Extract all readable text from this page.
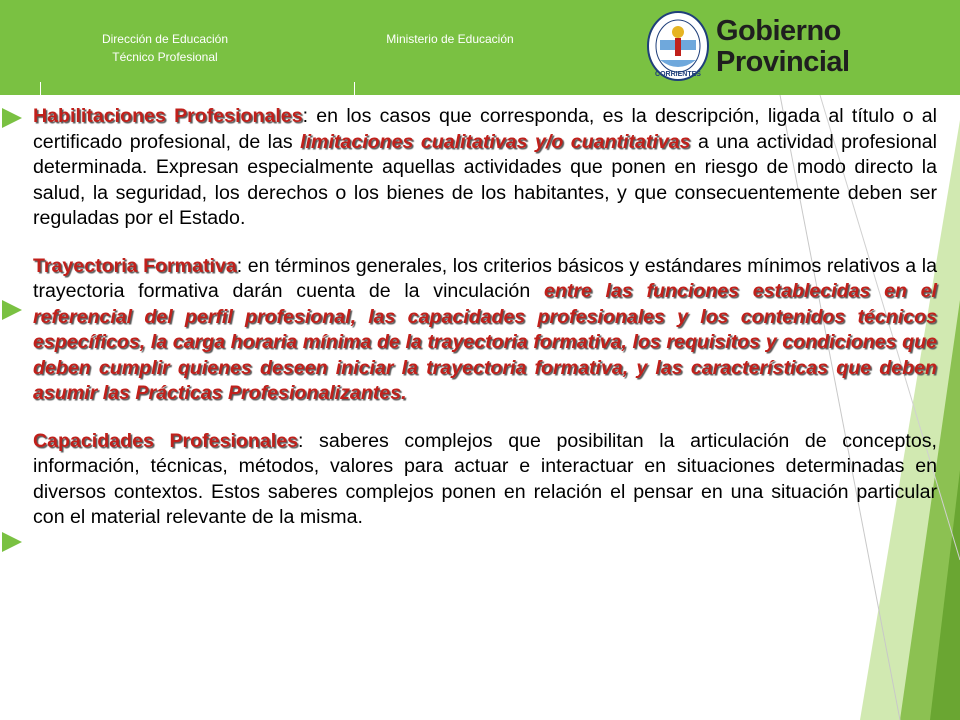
Dirección de Educación
Técnico Profesional
Ministerio de Educación
CORRIENTES
Gobierno
Provincial

Habilitaciones Profesionales: en los casos que corresponda, es la descripción, ligada al título o al certificado profesional, de las limitaciones cualitativas y/o cuantitativas a una actividad profesional determinada. Expresan especialmente aquellas actividades que ponen en riesgo de modo directo la salud, la seguridad, los derechos o los bienes de los habitantes, y que consecuentemente deben ser reguladas por el Estado.

Trayectoria Formativa: en términos generales, los criterios básicos y estándares mínimos relativos a la trayectoria formativa darán cuenta de la vinculación entre las funciones establecidas en el referencial del perfil profesional, las capacidades profesionales y los contenidos técnicos específicos, la carga horaria mínima de la trayectoria formativa, los requisitos y condiciones que deben cumplir quienes deseen iniciar la trayectoria formativa, y las características que deben asumir las Prácticas Profesionalizantes.

Capacidades Profesionales: saberes complejos que posibilitan la articulación de conceptos, información, técnicas, métodos, valores para actuar e interactuar en situaciones determinadas en diversos contextos. Estos saberes complejos ponen en relación el pensar en una situación particular con el material relevante de la misma.
